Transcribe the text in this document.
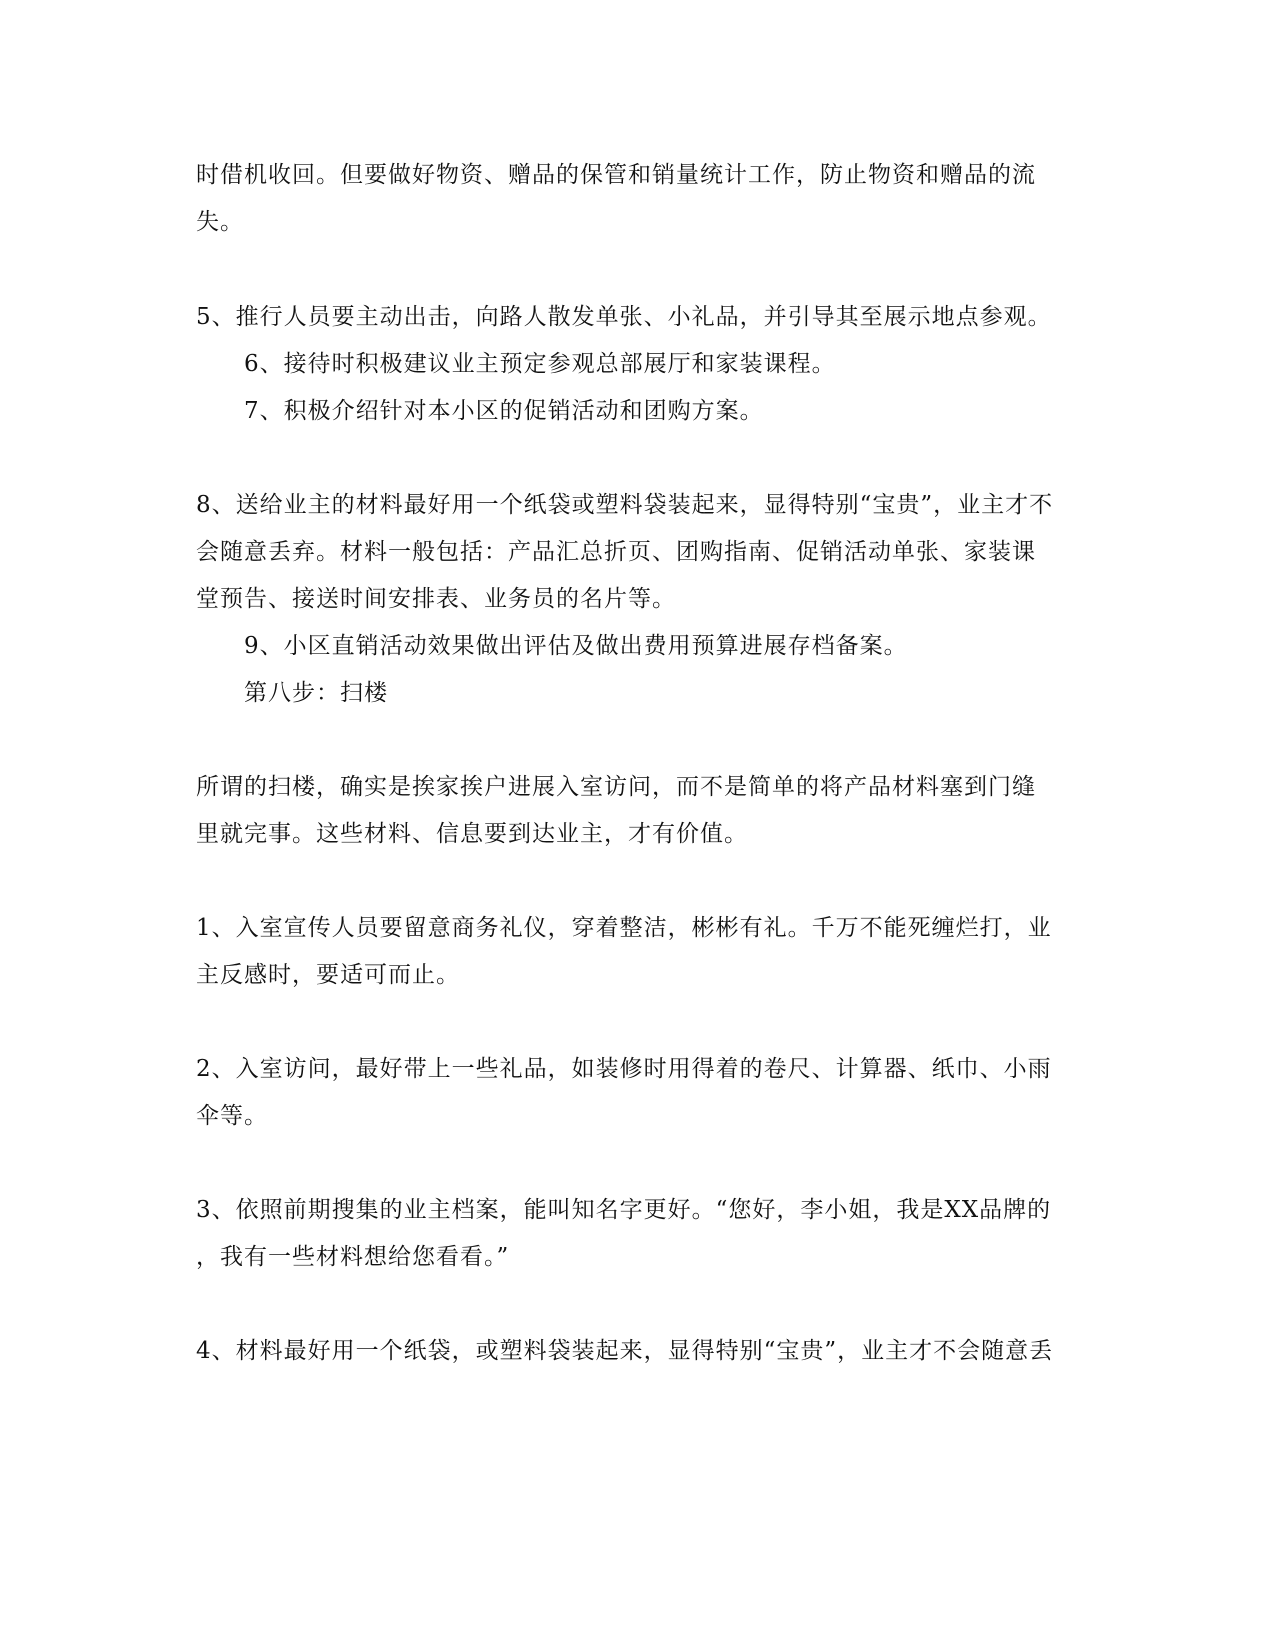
时借机收回。但要做好物资、赠品的保管和销量统计工作，防止物资和赠品的流

失。

5、推行人员要主动出击，向路人散发单张、小礼品，并引导其至展示地点参观。

6、接待时积极建议业主预定参观总部展厅和家装课程。

7、积极介绍针对本小区的促销活动和团购方案。

8、送给业主的材料最好用一个纸袋或塑料袋装起来，显得特别“宝贵”，业主才不

会随意丢弃。材料一般包括：产品汇总折页、团购指南、促销活动单张、家装课

堂预告、接送时间安排表、业务员的名片等。

9、小区直销活动效果做出评估及做出费用预算进展存档备案。

第八步：扫楼

所谓的扫楼，确实是挨家挨户进展入室访问，而不是简单的将产品材料塞到门缝

里就完事。这些材料、信息要到达业主，才有价值。

1、入室宣传人员要留意商务礼仪，穿着整洁，彬彬有礼。千万不能死缠烂打，业

主反感时，要适可而止。

2、入室访问，最好带上一些礼品，如装修时用得着的卷尺、计算器、纸巾、小雨

伞等。

3、依照前期搜集的业主档案，能叫知名字更好。“您好，李小姐，我是XX品牌的

，我有一些材料想给您看看。”

4、材料最好用一个纸袋，或塑料袋装起来，显得特别“宝贵”，业主才不会随意丢
